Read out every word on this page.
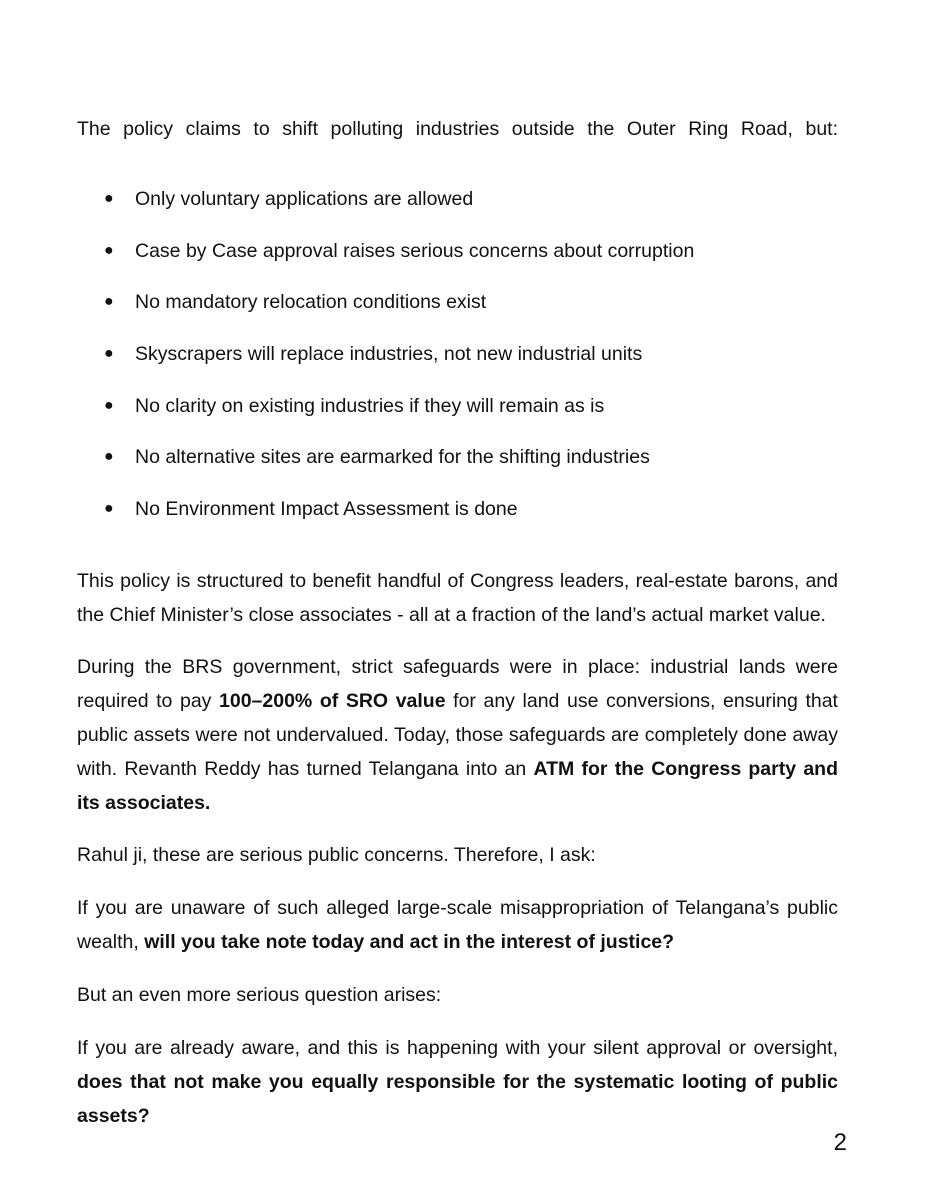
The policy claims to shift polluting industries outside the Outer Ring Road, but:

● Only voluntary applications are allowed
● Case by Case approval raises serious concerns about corruption
● No mandatory relocation conditions exist
● Skyscrapers will replace industries, not new industrial units
● No clarity on existing industries if they will remain as is
● No alternative sites are earmarked for the shifting industries
● No Environment Impact Assessment is done
This policy is structured to benefit handful of Congress leaders, real-estate barons, and
the Chief Minister’s close associates - all at a fraction of the land’s actual market value.

During the BRS government, strict safeguards were in place: industrial lands were required to pay 100–200% of SRO value for any land use conversions, ensuring that public assets were not undervalued. Today, those safeguards are completely done away with. Revanth Reddy has turned Telangana into an ATM for the Congress party and its associates.

Rahul ji, these are serious public concerns. Therefore, I ask:

If you are unaware of such alleged large-scale misappropriation of Telangana’s public wealth, will you take note today and act in the interest of justice?

But an even more serious question arises:

If you are already aware, and this is happening with your silent approval or oversight, does that not make you equally responsible for the systematic looting of public assets?

2
